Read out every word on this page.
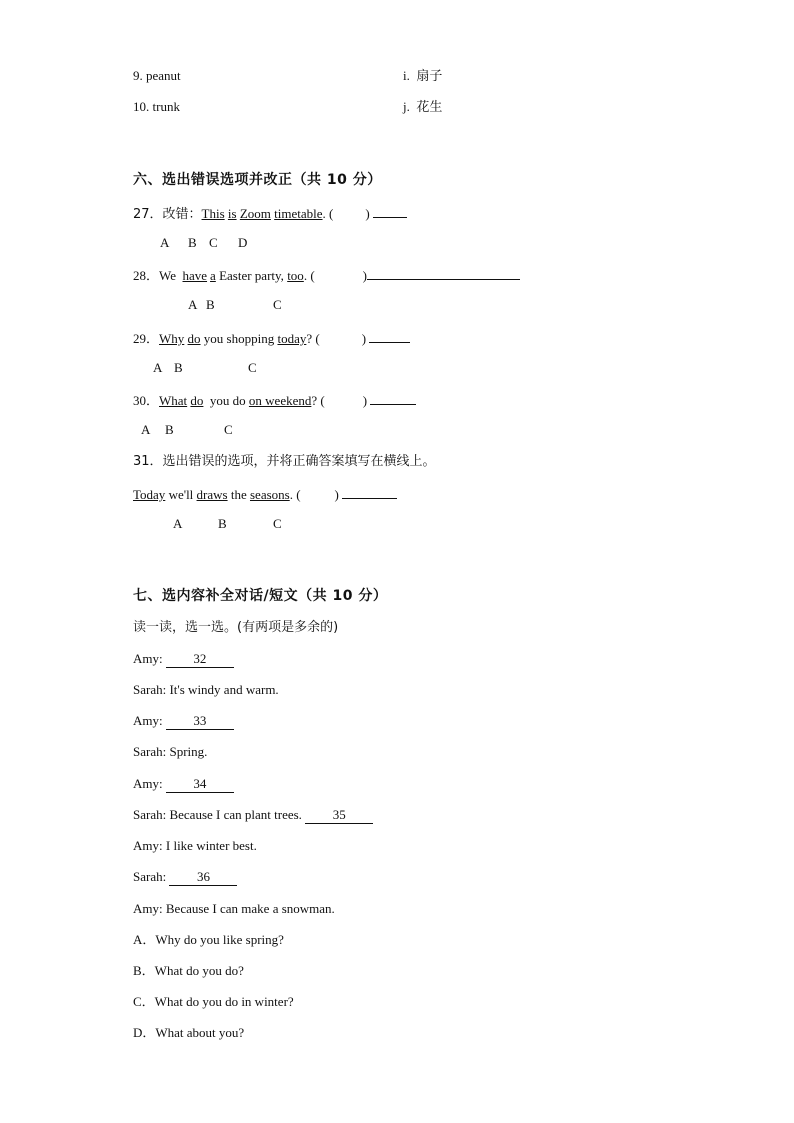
9. peanut	i. 扇子
10. trunk	j. 花生
六、选出错误选项并改正（共 10 分）
27．改错：This is Zoom timetable. ( )
A B C D
28．We have a Easter party, too. (	)
A B	C
29．Why do you shopping today? (	)
A B	C
30．What do you do on weekend? (	)
A B	C
31．选出错误的选项，并将正确答案填写在横线上。
Today we'll draws the seasons. (	)
A	B	C
七、选内容补全对话/短文（共 10 分）
读一读，选一选。(有两项是多余的)
Amy: 32
Sarah: It's windy and warm.
Amy: 33
Sarah: Spring.
Amy: 34
Sarah: Because I can plant trees. 35
Amy: I like winter best.
Sarah: 36
Amy: Because I can make a snowman.
A．Why do you like spring?
B．What do you do?
C．What do you do in winter?
D．What about you?
